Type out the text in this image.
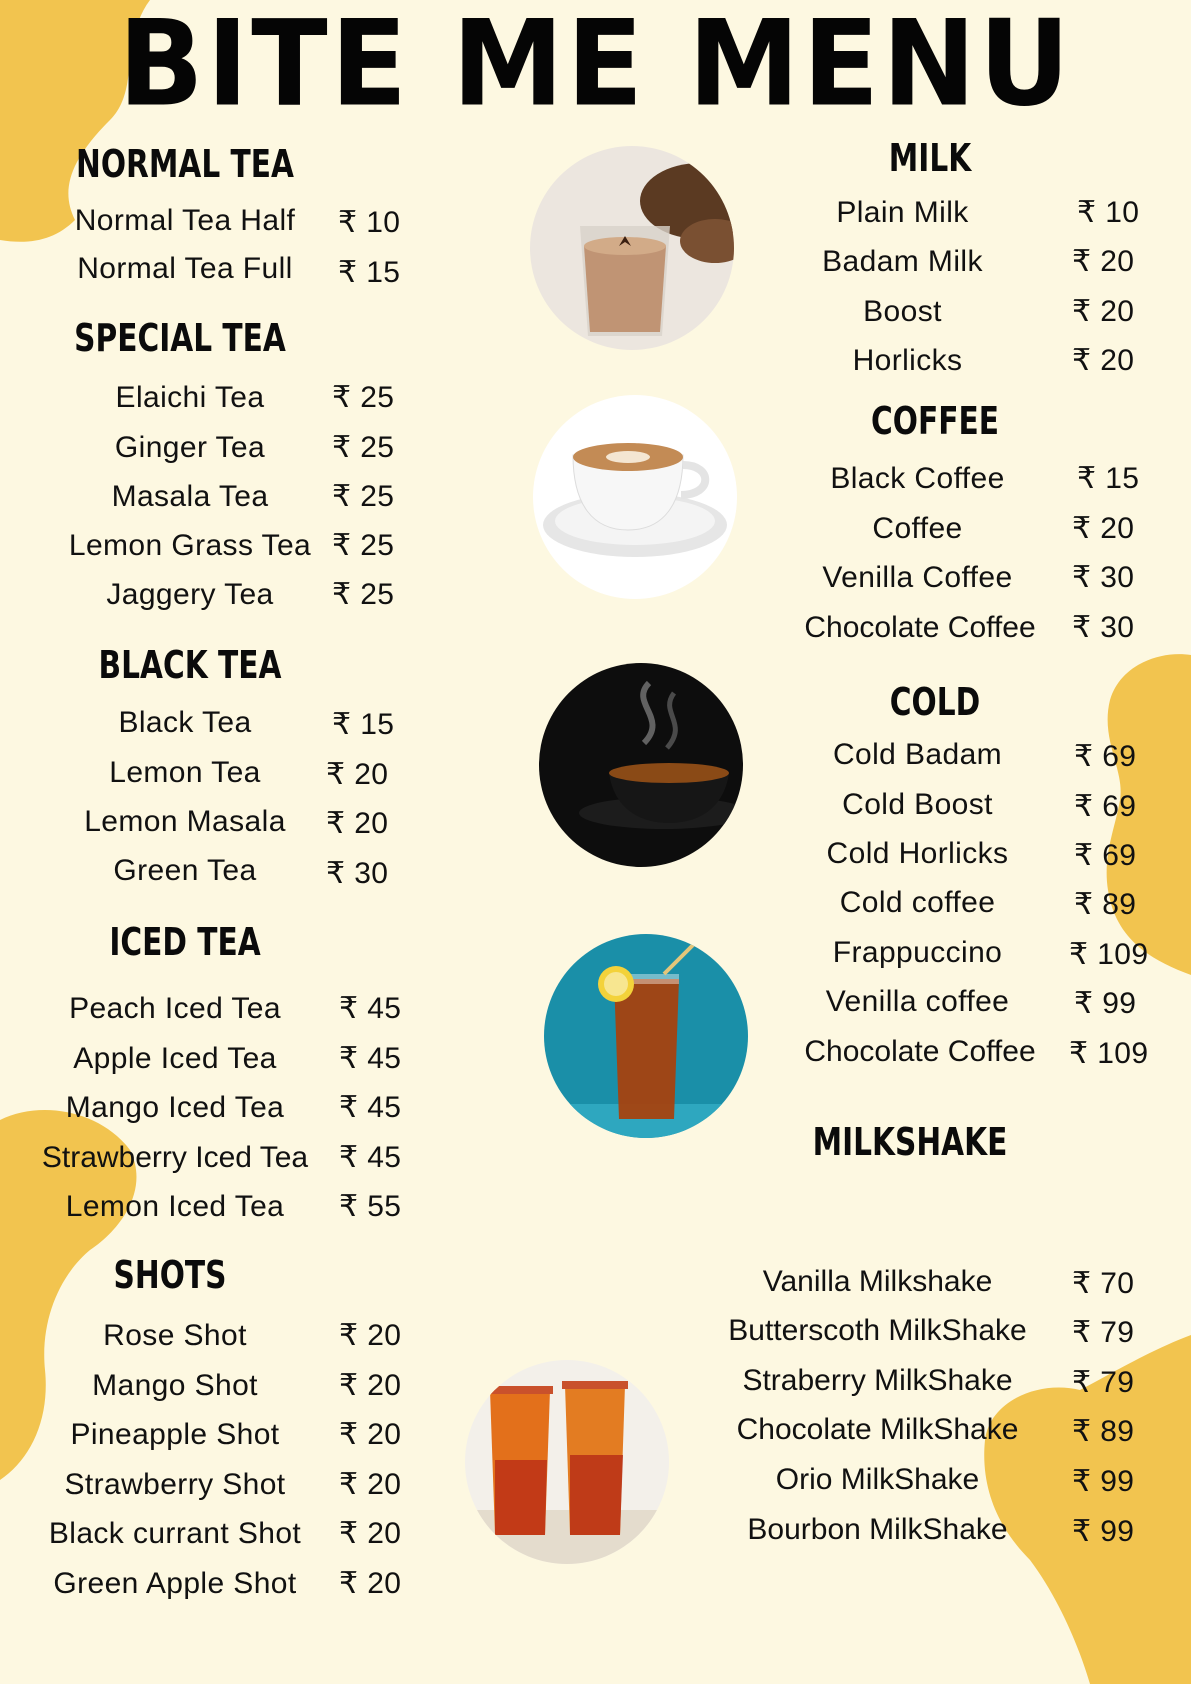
BITE ME MENU
NORMAL TEA
Normal Tea Half	₹ 10
Normal Tea Full	₹ 15
SPECIAL TEA
Elaichi Tea	₹ 25
Ginger Tea	₹ 25
Masala Tea	₹ 25
Lemon Grass Tea ₹ 25
Jaggery Tea	₹ 25
BLACK TEA
Black Tea	₹ 15
Lemon Tea	₹ 20
Lemon Masala	₹ 20
Green Tea	₹ 30
ICED TEA
Peach Iced Tea	₹ 45
Apple Iced Tea	₹ 45
Mango Iced Tea	₹ 45
Strawberry Iced Tea	₹ 45
Lemon Iced Tea	₹ 55
SHOTS
Rose Shot	₹ 20
Mango Shot	₹ 20
Pineapple Shot	₹ 20
Strawberry Shot	₹ 20
Black currant Shot	₹ 20
Green Apple Shot	₹ 20
MILK
Plain Milk	₹ 10
Badam Milk	₹ 20
Boost	₹ 20
Horlicks	₹ 20
COFFEE
Black Coffee	₹ 15
Coffee	₹ 20
Venilla Coffee	₹ 30
Chocolate Coffee	₹ 30
COLD
Cold Badam	₹ 69
Cold Boost	₹ 69
Cold Horlicks	₹ 69
Cold coffee	₹ 89
Frappuccino	₹ 109
Venilla coffee	₹ 99
Chocolate Coffee	₹ 109
MILKSHAKE
Vanilla Milkshake	₹ 70
Butterscoth MilkShake	₹ 79
Straberry MilkShake	₹ 79
Chocolate MilkShake	₹ 89
Orio MilkShake	₹ 99
Bourbon MilkShake	₹ 99
